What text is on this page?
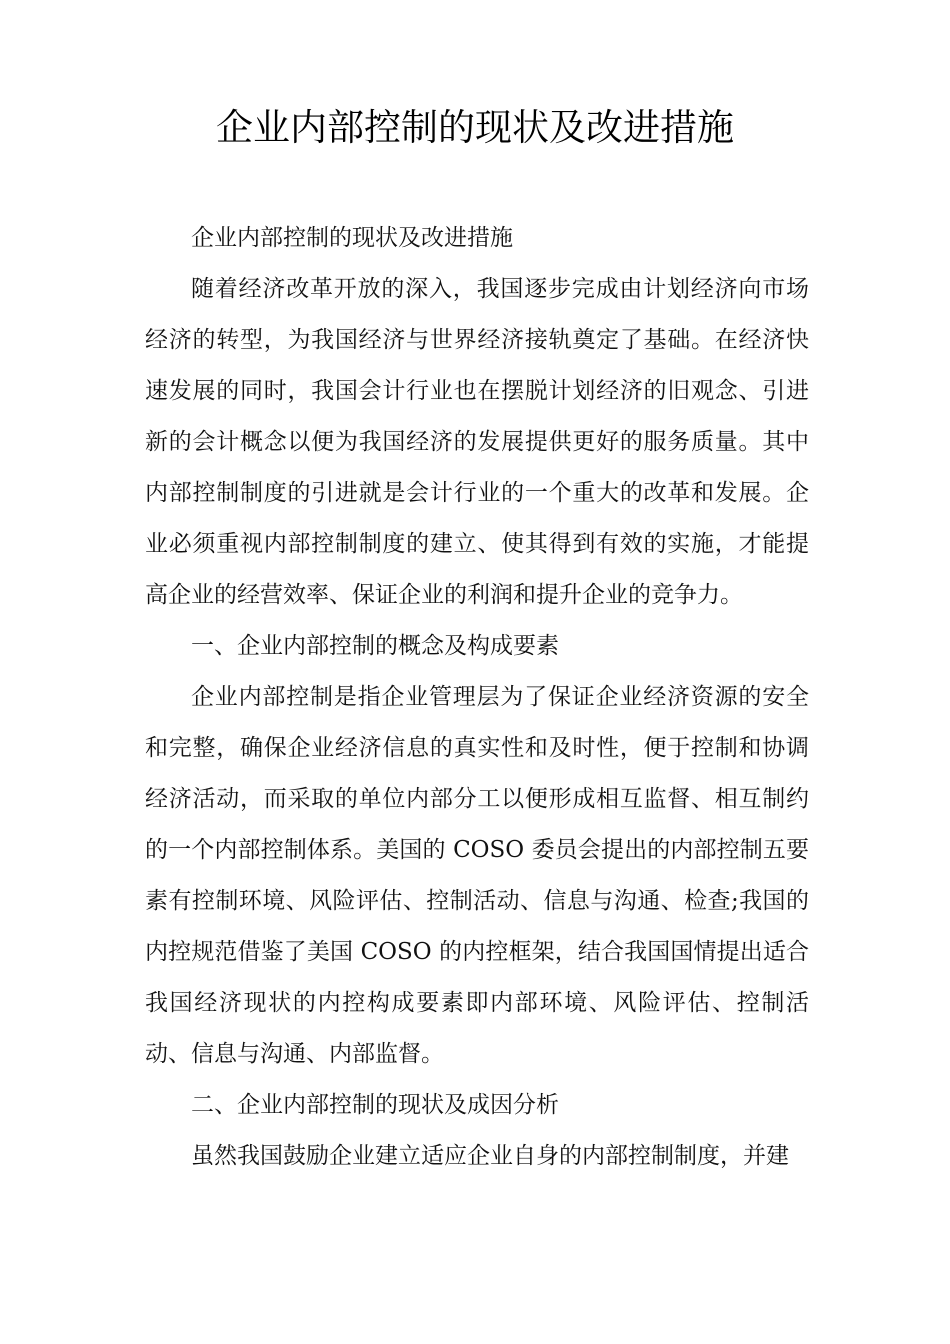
企业内部控制的现状及改进措施

企业内部控制的现状及改进措施

随着经济改革开放的深入，我国逐步完成由计划经济向市场经济的转型，为我国经济与世界经济接轨奠定了基础。在经济快速发展的同时，我国会计行业也在摆脱计划经济的旧观念、引进新的会计概念以便为我国经济的发展提供更好的服务质量。其中内部控制制度的引进就是会计行业的一个重大的改革和发展。企业必须重视内部控制制度的建立、使其得到有效的实施，才能提高企业的经营效率、保证企业的利润和提升企业的竞争力。

一、企业内部控制的概念及构成要素

企业内部控制是指企业管理层为了保证企业经济资源的安全和完整，确保企业经济信息的真实性和及时性，便于控制和协调经济活动，而采取的单位内部分工以便形成相互监督、相互制约的一个内部控制体系。美国的 COSO 委员会提出的内部控制五要素有控制环境、风险评估、控制活动、信息与沟通、检查;我国的内控规范借鉴了美国 COSO 的内控框架，结合我国国情提出适合我国经济现状的内控构成要素即内部环境、风险评估、控制活动、信息与沟通、内部监督。

二、企业内部控制的现状及成因分析

虽然我国鼓励企业建立适应企业自身的内部控制制度，并建
